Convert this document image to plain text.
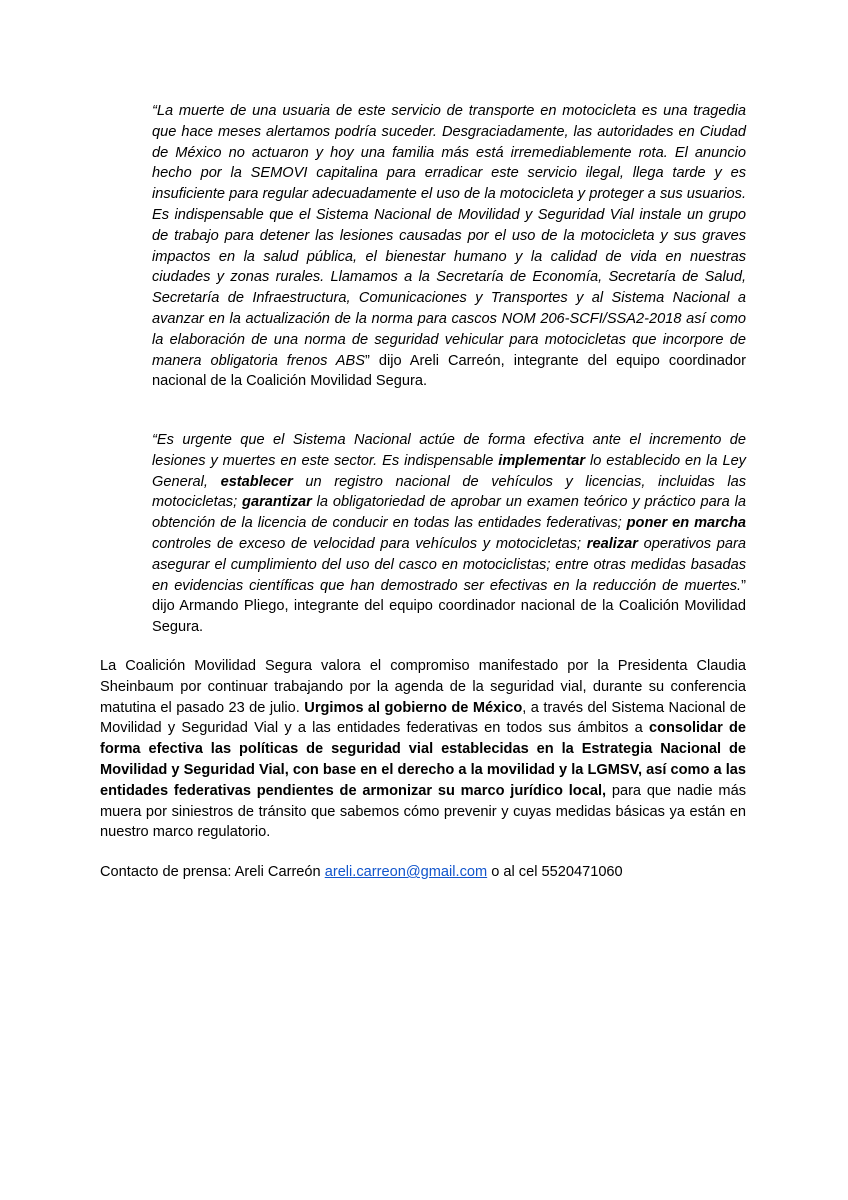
“La muerte de una usuaria de este servicio de transporte en motocicleta es una tragedia que hace meses alertamos podría suceder. Desgraciadamente, las autoridades en Ciudad de México no actuaron y hoy una familia más está irremediablemente rota. El anuncio hecho por la SEMOVI capitalina para erradicar este servicio ilegal, llega tarde y es insuficiente para regular adecuadamente el uso de la motocicleta y proteger a sus usuarios. Es indispensable que el Sistema Nacional de Movilidad y Seguridad Vial instale un grupo de trabajo para detener las lesiones causadas por el uso de la motocicleta y sus graves impactos en la salud pública, el bienestar humano y la calidad de vida en nuestras ciudades y zonas rurales. Llamamos a la Secretaría de Economía, Secretaría de Salud, Secretaría de Infraestructura, Comunicaciones y Transportes y al Sistema Nacional a avanzar en la actualización de la norma para cascos NOM 206-SCFI/SSA2-2018 así como la elaboración de una norma de seguridad vehicular para motocicletas que incorpore de manera obligatoria frenos ABS” dijo Areli Carreón, integrante del equipo coordinador nacional de la Coalición Movilidad Segura.

“Es urgente que el Sistema Nacional actúe de forma efectiva ante el incremento de lesiones y muertes en este sector. Es indispensable implementar lo establecido en la Ley General, establecer un registro nacional de vehículos y licencias, incluidas las motocicletas; garantizar la obligatoriedad de aprobar un examen teórico y práctico para la obtención de la licencia de conducir en todas las entidades federativas; poner en marcha controles de exceso de velocidad para vehículos y motocicletas; realizar operativos para asegurar el cumplimiento del uso del casco en motociclistas; entre otras medidas basadas en evidencias científicas que han demostrado ser efectivas en la reducción de muertes.” dijo Armando Pliego, integrante del equipo coordinador nacional de la Coalición Movilidad Segura.

La Coalición Movilidad Segura valora el compromiso manifestado por la Presidenta Claudia Sheinbaum por continuar trabajando por la agenda de la seguridad vial, durante su conferencia matutina el pasado 23 de julio. Urgimos al gobierno de México, a través del Sistema Nacional de Movilidad y Seguridad Vial y a las entidades federativas en todos sus ámbitos a consolidar de forma efectiva las políticas de seguridad vial establecidas en la Estrategia Nacional de Movilidad y Seguridad Vial, con base en el derecho a la movilidad y la LGMSV, así como a las entidades federativas pendientes de armonizar su marco jurídico local, para que nadie más muera por siniestros de tránsito que sabemos cómo prevenir y cuyas medidas básicas ya están en nuestro marco regulatorio.

Contacto de prensa: Areli Carreón areli.carreon@gmail.com o al cel 5520471060
